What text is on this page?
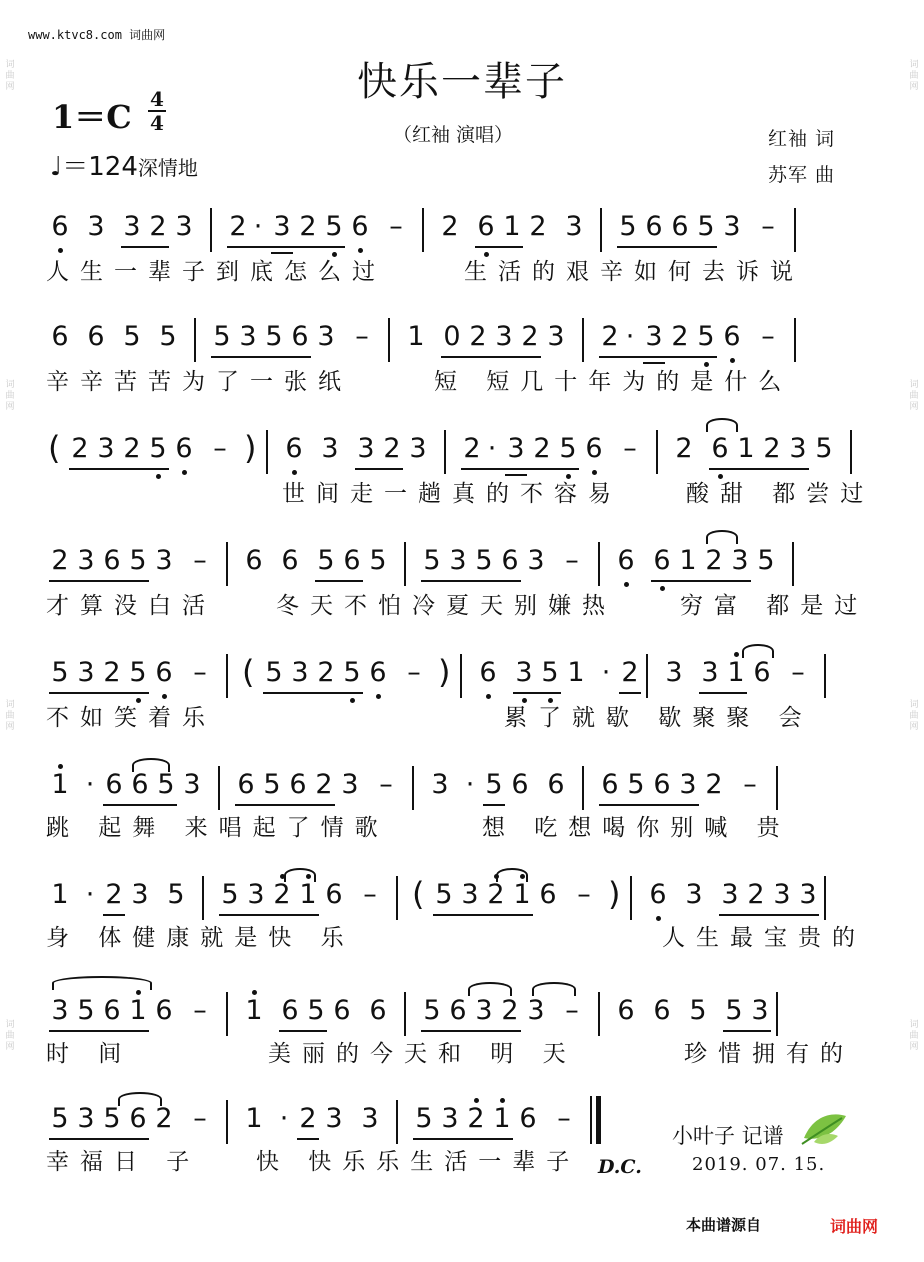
www.ktvc8.com 词曲网
词
曲
网
词
曲
网
词
曲
网
词
曲
网
词
曲
网
词
曲
网
词
曲
网
词
曲
网
快乐一辈子
（红袖 演唱）	红袖 词
苏军 曲
1＝C 4
4
♩＝124深情地
6 3 3 2 3 2 · 3 2 5 6 – 2 6 1 2 3 5 6 6 5 3 –
6 6 5 5 5 3 5 6 3 – 1 0 2 3 2 3 2 · 3 2 5 6 –
( 2 3 2 5 6 – ) 6 3 3 2 3 2 · 3 2 5 6 – 2 6 1 2 3 5
2 3 6 5 3 – 6 6 5 6 5 5 3 5 6 3 – 6 6 1 2 3 5
5 3 2 5 6 – ( 5 3 2 5 6 – ) 6 3 5 1 · 2 3 3 1 6 –
1 · 6 6 5 3 6 5 6 2 3 – 3 · 5 6 6 6 5 6 3 2 –
1 · 2 3 5 5 3 2 1 6 – ( 5 3 2 1 6 – ) 6 3 3 2 3 3
3 5 6 1 6 – 1 6 5 6 6 5 6 3 2 3 – 6 6 5 5 3
5 3 5 6 2 – 1 · 2 3 3 5 3 2 1 6 –
人生一辈子到底怎么过	生活的艰辛如何去诉说
辛辛苦苦为了一张纸	短 短几十年为的是什么
世间走一趟真的不容易	酸甜 都尝过
才算没白活	冬天不怕冷夏天别嫌热	穷富 都是过
不如笑着乐	累了就歇 歇聚聚 会
跳 起舞 来唱起了情歌	想 吃想喝你别喊 贵
身 体健康就是快 乐	人生最宝贵的
时 间	美丽的今天和 明 天	珍惜拥有的
幸福日 子 快 快乐乐生活一辈子 D.C.
小叶子 记谱
2019. 07. 15.
本曲谱源自	词曲网
